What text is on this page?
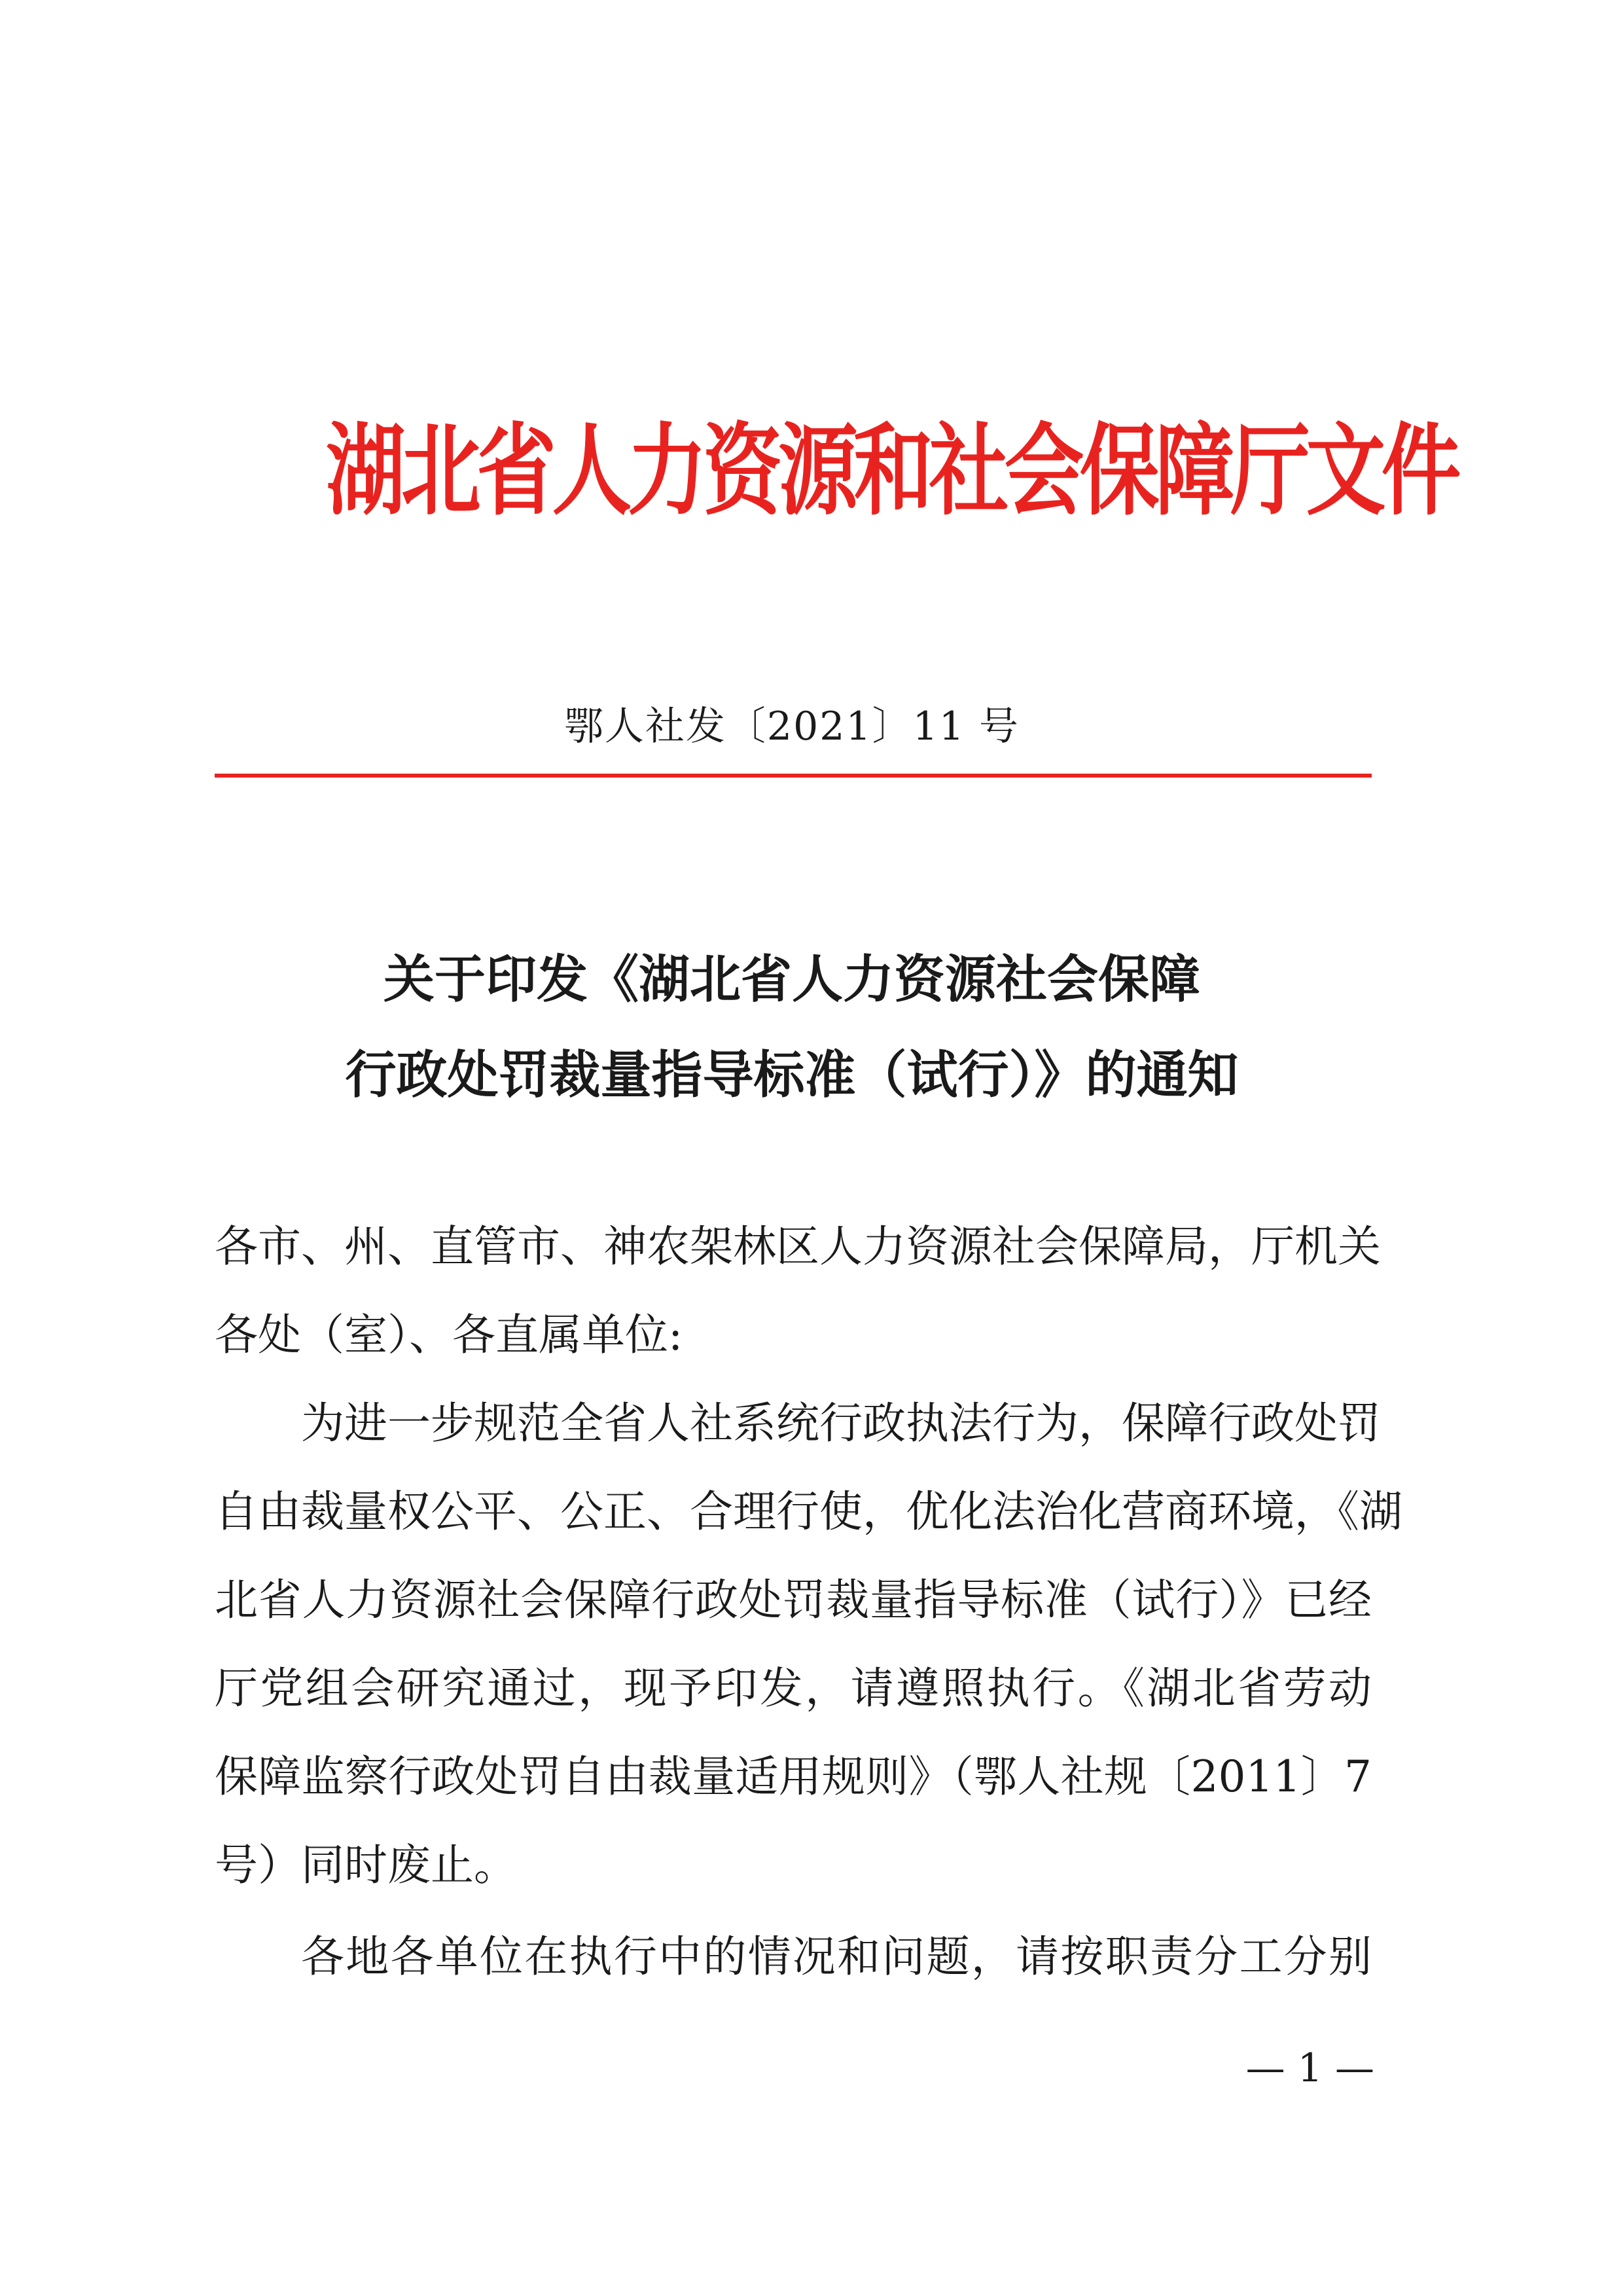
湖北省人力资源和社会保障厅文件
鄂人社发〔2021〕11 号
关于印发《湖北省人力资源社会保障
行政处罚裁量指导标准（试行）》的通知
各市、州、直管市、神农架林区人力资源社会保障局，厅机关
各处（室）、各直属单位:
为进一步规范全省人社系统行政执法行为，保障行政处罚
自由裁量权公平、公正、合理行使，优化法治化营商环境，《湖
北省人力资源社会保障行政处罚裁量指导标准（试行）》已经
厅党组会研究通过，现予印发，请遵照执行。《湖北省劳动
保障监察行政处罚自由裁量适用规则》（鄂人社规〔2011〕7
号）同时废止。
各地各单位在执行中的情况和问题，请按职责分工分别
— 1 —
